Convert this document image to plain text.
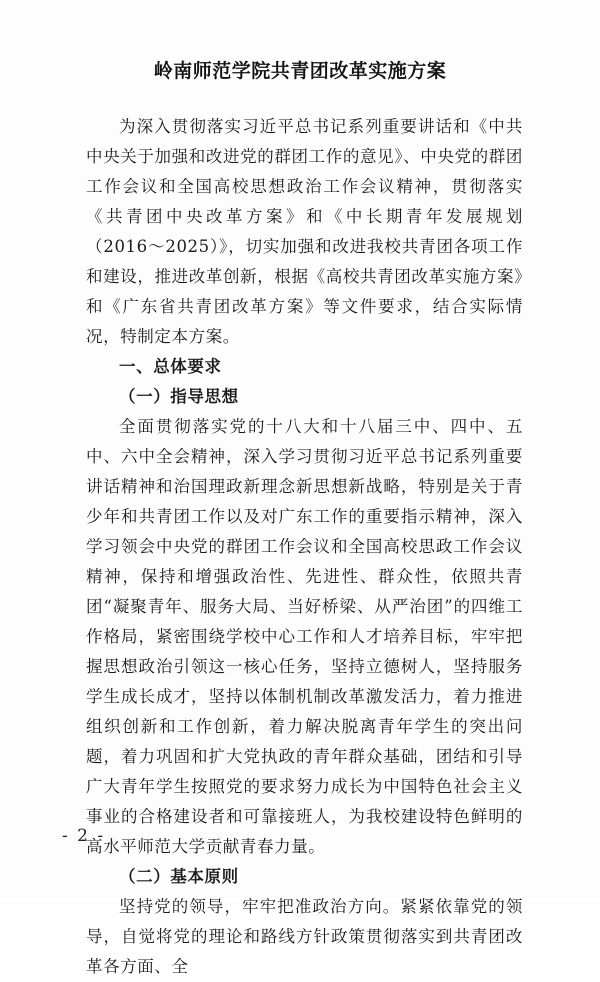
岭南师范学院共青团改革实施方案

为深入贯彻落实习近平总书记系列重要讲话和《中共中央关于加强和改进党的群团工作的意见》、中央党的群团工作会议和全国高校思想政治工作会议精神，贯彻落实《共青团中央改革方案》和《中长期青年发展规划（2016～2025）》，切实加强和改进我校共青团各项工作和建设，推进改革创新，根据《高校共青团改革实施方案》和《广东省共青团改革方案》等文件要求，结合实际情况，特制定本方案。

一、总体要求

（一）指导思想

全面贯彻落实党的十八大和十八届三中、四中、五中、六中全会精神，深入学习贯彻习近平总书记系列重要讲话精神和治国理政新理念新思想新战略，特别是关于青少年和共青团工作以及对广东工作的重要指示精神，深入学习领会中央党的群团工作会议和全国高校思政工作会议精神，保持和增强政治性、先进性、群众性，依照共青团“凝聚青年、服务大局、当好桥梁、从严治团”的四维工作格局，紧密围绕学校中心工作和人才培养目标，牢牢把握思想政治引领这一核心任务，坚持立德树人，坚持服务学生成长成才，坚持以体制机制改革激发活力，着力推进组织创新和工作创新，着力解决脱离青年学生的突出问题，着力巩固和扩大党执政的青年群众基础，团结和引导广大青年学生按照党的要求努力成长为中国特色社会主义事业的合格建设者和可靠接班人，为我校建设特色鲜明的高水平师范大学贡献青春力量。

（二）基本原则

坚持党的领导，牢牢把准政治方向。紧紧依靠党的领导，自觉将党的理论和路线方针政策贯彻落实到共青团改革各方面、全

- 2 -
